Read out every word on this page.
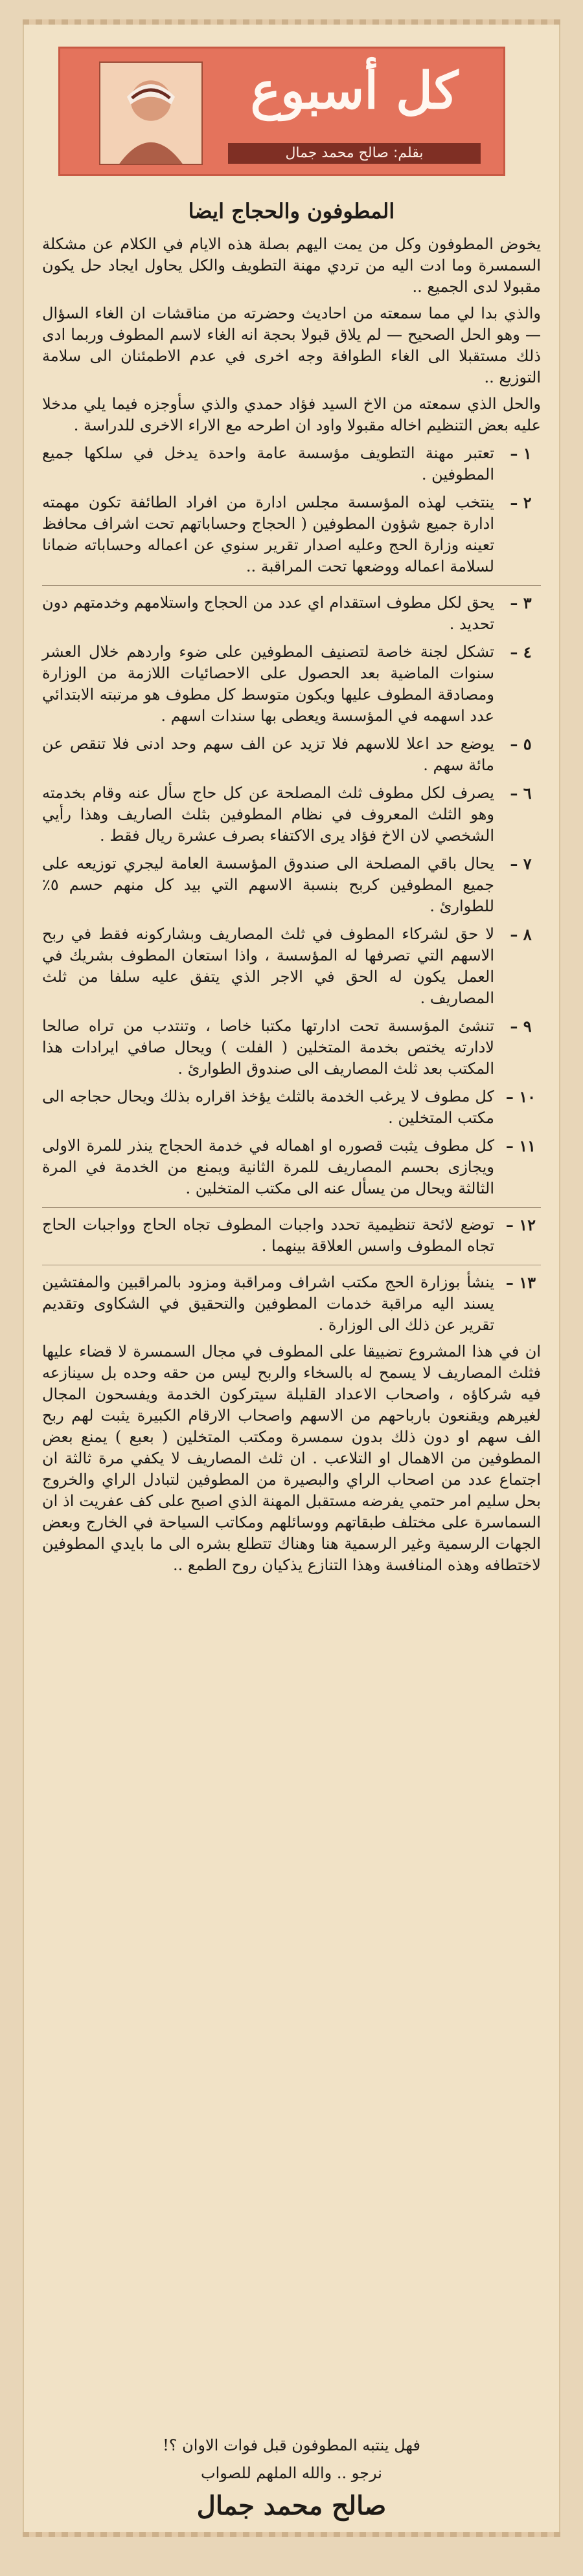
كل أسبوع
بقلم: صالح محمد جمال
المطوفون والحجاج ايضا
يخوض المطوفون وكل من يمت اليهم بصلة هذه الايام في الكلام عن مشكلة السمسرة وما ادت اليه من تردي مهنة التطويف والكل يحاول ايجاد حل يكون مقبولا لدى الجميع ..
والذي بدا لي مما سمعته من احاديث وحضرته من مناقشات ان الغاء السؤال — وهو الحل الصحيح — لم يلاق قبولا بحجة انه الغاء لاسم المطوف وربما ادى ذلك مستقبلا الى الغاء الطوافة وجه اخرى في عدم الاطمئنان الى سلامة التوزيع ..
والحل الذي سمعته من الاخ السيد فؤاد حمدي والذي سأوجزه فيما يلي مدخلا عليه بعض التنظيم اخاله مقبولا واود ان اطرحه مع الاراء الاخرى للدراسة .
١ –
تعتبر مهنة التطويف مؤسسة عامة واحدة يدخل في سلكها جميع المطوفين .
٢ –
ينتخب لهذه المؤسسة مجلس ادارة من افراد الطائفة تكون مهمته ادارة جميع شؤون المطوفين ( الحجاج وحساباتهم تحت اشراف محافظ تعينه وزارة الحج وعليه اصدار تقرير سنوي عن اعماله وحساباته ضمانا لسلامة اعماله ووضعها تحت المراقبة ..
٣ –
يحق لكل مطوف استقدام اي عدد من الحجاج واستلامهم وخدمتهم دون تحديد .
٤ –
تشكل لجنة خاصة لتصنيف المطوفين على ضوء واردهم خلال العشر سنوات الماضية بعد الحصول على الاحصائيات اللازمة من الوزارة ومصادقة المطوف عليها ويكون متوسط كل مطوف هو مرتبته الابتدائي عدد اسهمه في المؤسسة ويعطى بها سندات اسهم .
٥ –
يوضع حد اعلا للاسهم فلا تزيد عن الف سهم وحد ادنى فلا تنقص عن مائة سهم .
٦ –
يصرف لكل مطوف ثلث المصلحة عن كل حاج سأل عنه وقام بخدمته وهو الثلث المعروف في نظام المطوفين بثلث الصاريف وهذا رأيي الشخصي لان الاخ فؤاد يرى الاكتفاء بصرف عشرة ريال فقط .
٧ –
يحال باقي المصلحة الى صندوق المؤسسة العامة ليجري توزيعه على جميع المطوفين كربح بنسبة الاسهم التي بيد كل منهم حسم ٥٪ للطوارئ .
٨ –
لا حق لشركاء المطوف في ثلث المصاريف وبشاركونه فقط في ربح الاسهم التي تصرفها له المؤسسة ، واذا استعان المطوف بشريك في العمل يكون له الحق في الاجر الذي يتفق عليه سلفا من ثلث المصاريف .
٩ –
تنشئ المؤسسة تحت ادارتها مكتبا خاصا ، وتنتدب من تراه صالحا لادارته يختص بخدمة المتخلين ( الفلت ) ويحال صافي ايرادات هذا المكتب بعد ثلث المصاريف الى صندوق الطوارئ .
١٠ –
كل مطوف لا يرغب الخدمة بالثلث يؤخذ اقراره بذلك ويحال حجاجه الى مكتب المتخلين .
١١ –
كل مطوف يثبت قصوره او اهماله في خدمة الحجاج ينذر للمرة الاولى ويجازى بحسم المصاريف للمرة الثانية ويمنع من الخدمة في المرة الثالثة ويحال من يسأل عنه الى مكتب المتخلين .
١٢ –
توضع لائحة تنظيمية تحدد واجبات المطوف تجاه الحاج وواجبات الحاج تجاه المطوف واسس العلاقة بينهما .
١٣ –
ينشأ بوزارة الحج مكتب اشراف ومراقبة ومزود بالمراقبين والمفتشين يسند اليه مراقبة خدمات المطوفين والتحقيق في الشكاوى وتقديم تقرير عن ذلك الى الوزارة .
ان في هذا المشروع تضييقا على المطوف في مجال السمسرة لا قضاء عليها فثلث المصاريف لا يسمح له بالسخاء والربح ليس من حقه وحده بل سينازعه فيه شركاؤه ، واصحاب الاعداد القليلة سيتركون الخدمة ويفسحون المجال لغيرهم ويقنعون بارباحهم من الاسهم واصحاب الارقام الكبيرة يثبت لهم ربح الف سهم او دون ذلك بدون سمسرة ومكتب المتخلين ( بعبع ) يمنع بعض المطوفين من الاهمال او التلاعب . ان ثلث المصاريف لا يكفي مرة ثالثة ان اجتماع عدد من اصحاب الراي والبصيرة من المطوفين لتبادل الراي والخروج بحل سليم امر حتمي يفرضه مستقبل المهنة الذي اصبح على كف عفريت اذ ان السماسرة على مختلف طبقاتهم ووسائلهم ومكاتب السياحة في الخارج وبعض الجهات الرسمية وغير الرسمية هنا وهناك تتطلع بشره الى ما بايدي المطوفين لاختطافه وهذه المنافسة وهذا التنازع يذكيان روح الطمع ..
فهل ينتبه المطوفون قبل فوات الاوان ؟!
نرجو .. والله الملهم للصواب
صالح محمد جمال
